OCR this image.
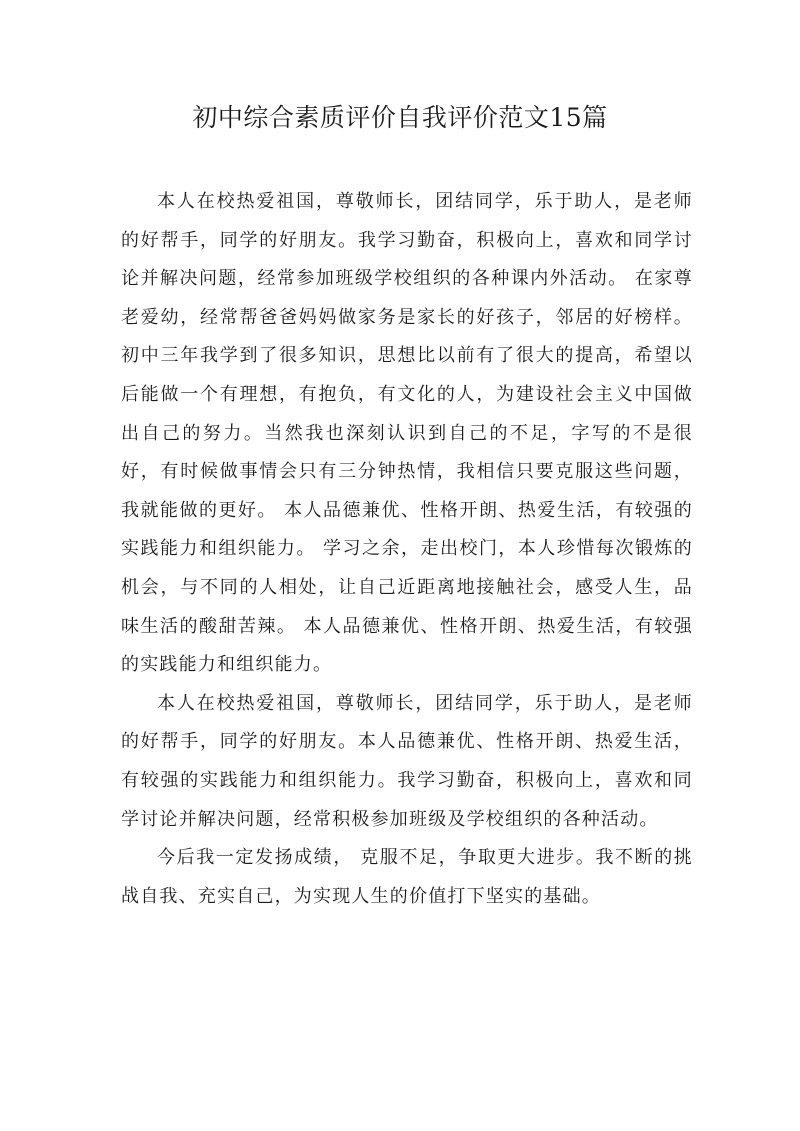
初中综合素质评价自我评价范文15篇

本人在校热爱祖国，尊敬师长，团结同学，乐于助人，是老师的好帮手，同学的好朋友。我学习勤奋，积极向上，喜欢和同学讨论并解决问题，经常参加班级学校组织的各种课内外活动。 在家尊老爱幼，经常帮爸爸妈妈做家务是家长的好孩子，邻居的好榜样。 初中三年我学到了很多知识，思想比以前有了很大的提高，希望以后能做一个有理想，有抱负，有文化的人，为建设社会主义中国做出自己的努力。当然我也深刻认识到自己的不足，字写的不是很好，有时候做事情会只有三分钟热情，我相信只要克服这些问题，我就能做的更好。 本人品德兼优、性格开朗、热爱生活，有较强的实践能力和组织能力。 学习之余，走出校门，本人珍惜每次锻炼的机会，与不同的人相处，让自己近距离地接触社会，感受人生，品味生活的酸甜苦辣。 本人品德兼优、性格开朗、热爱生活，有较强的实践能力和组织能力。

本人在校热爱祖国，尊敬师长，团结同学，乐于助人，是老师的好帮手，同学的好朋友。本人品德兼优、性格开朗、热爱生活，有较强的实践能力和组织能力。我学习勤奋，积极向上，喜欢和同学讨论并解决问题，经常积极参加班级及学校组织的各种活动。

今后我一定发扬成绩， 克服不足，争取更大进步。我不断的挑战自我、充实自己，为实现人生的价值打下坚实的基础。
